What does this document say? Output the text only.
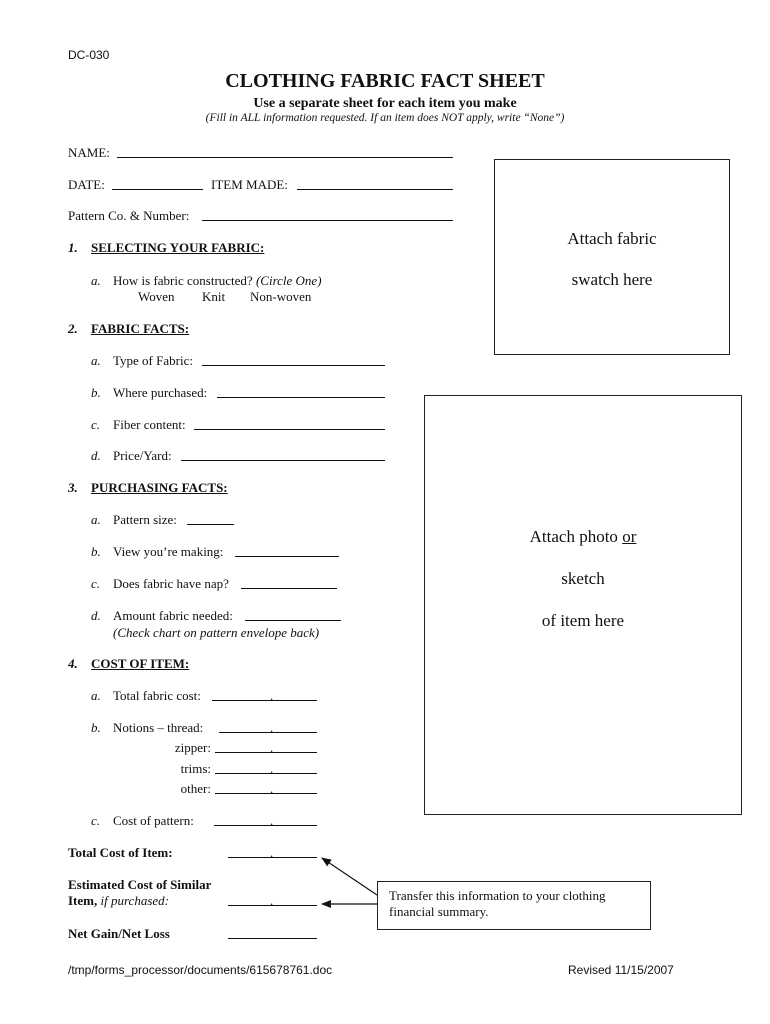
DC-030
CLOTHING FABRIC FACT SHEET
Use a separate sheet for each item you make
(Fill in ALL information requested. If an item does NOT apply, write “None”)
NAME:
DATE:	ITEM MADE:
Pattern Co. & Number:
1. SELECTING YOUR FABRIC:
a. How is fabric constructed? (Circle One)
Woven Knit Non-woven
2. FABRIC FACTS:
a. Type of Fabric:
b. Where purchased:
c. Fiber content:
d. Price/Yard:
3. PURCHASING FACTS:
a. Pattern size:
b. View you’re making:
c. Does fabric have nap?
d. Amount fabric needed:
(Check chart on pattern envelope back)
4. COST OF ITEM:
a. Total fabric cost:	.
b. Notions – thread:	.
zipper:	.
trims:	.
other:	.
c. Cost of pattern:	.
Total Cost of Item:	.
Estimated Cost of Similar
Item, if purchased:	.
Net Gain/Net Loss
Attach fabric
swatch here
Attach photo or
sketch
of item here
Transfer this information to your clothing
financial summary.
/tmp/forms_processor/documents/615678761.doc	Revised 11/15/2007
